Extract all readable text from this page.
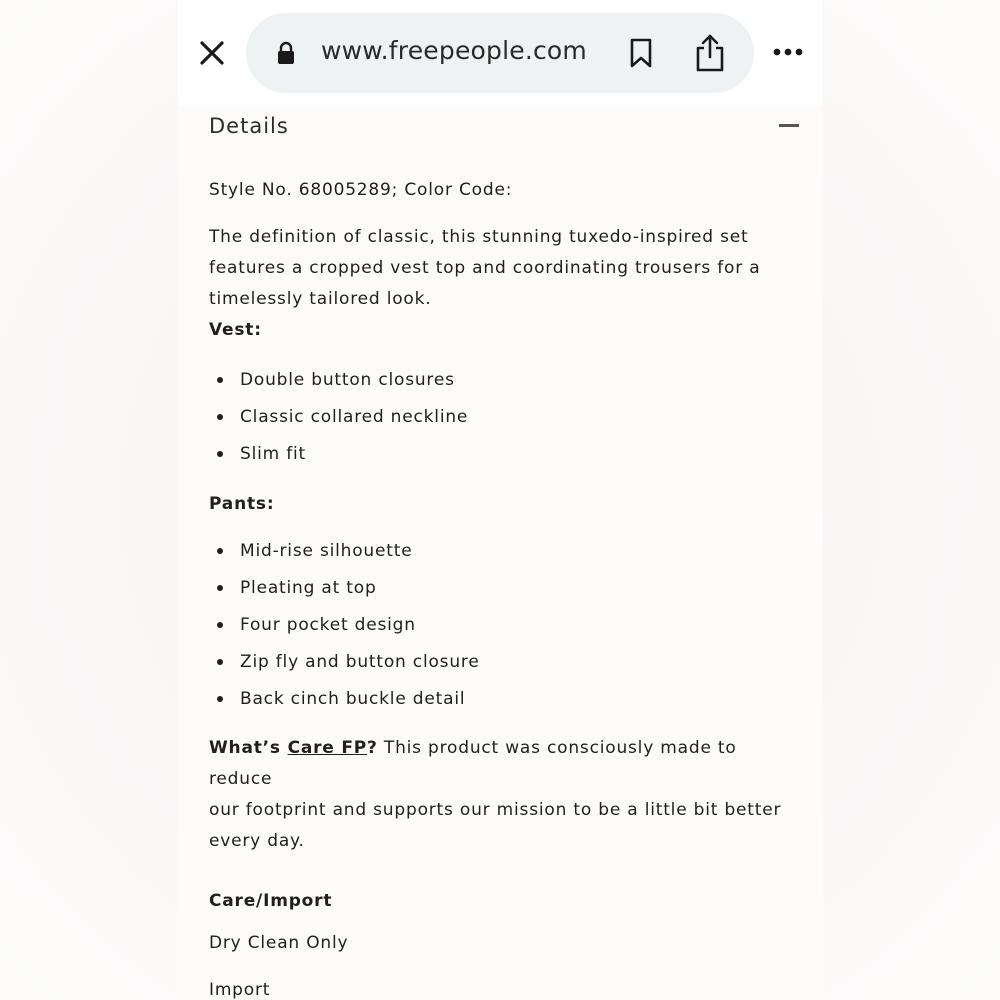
www.freepeople.com
Details
Style No. 68005289; Color Code:
The definition of classic, this stunning tuxedo-inspired set
features a cropped vest top and coordinating trousers for a
timelessly tailored look.
Vest:
Double button closures
Classic collared neckline
Slim fit
Pants:
Mid-rise silhouette
Pleating at top
Four pocket design
Zip fly and button closure
Back cinch buckle detail
What’s Care FP? This product was consciously made to reduce
our footprint and supports our mission to be a little bit better
every day.
Care/Import
Dry Clean Only
Import
